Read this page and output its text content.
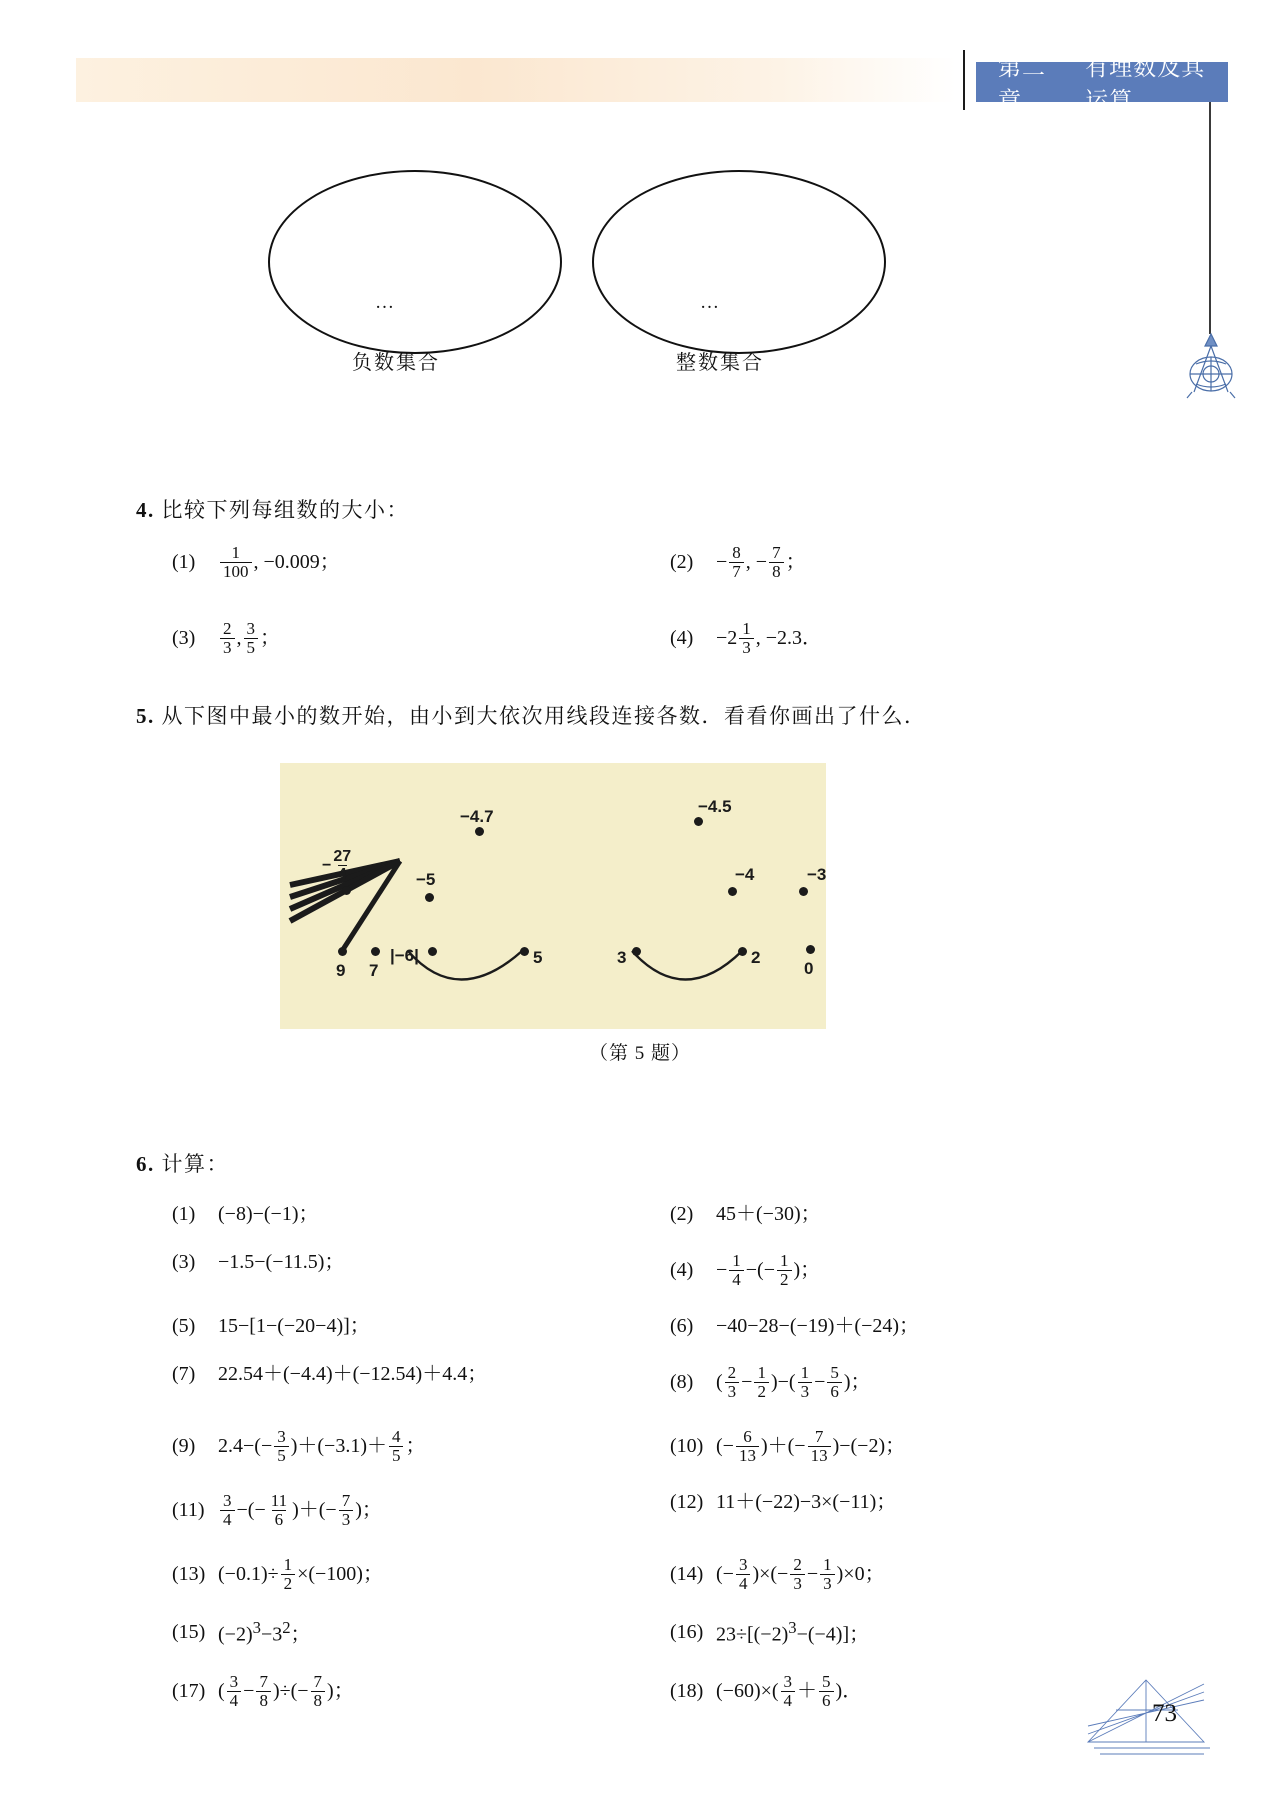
第二章
有理数及其运算
…	…
负数集合	整数集合
4. 比较下列每组数的大小：
(1)	$\frac{1}{100}$ , −0.009；	(2)	− $\frac{8}{7}$ , − $\frac{7}{8}$ ；
(3)	$\frac{2}{3}$ , $\frac{3}{5}$ ；	(4)	$-2 \frac{1}{3}$ , −2.3．
5. 从下图中最小的数开始，由小到大依次用线段连接各数．看看你画出了什么．
− $\frac{27}{4}$
−4.7
−4.5
−5	−4	−3
9 7
|−6|	5	3	2
0
（第 5 题）
6. 计算：
(1)	(−8)−(−1)；	(2)	45＋(−30)；
(3)	−1.5−(−11.5)；	(4)	− $\frac{1}{4}$ −(− $\frac{1}{2}$ )；
(5)	15−[1−(−20−4)]；	(6)	−40−28−(−19)＋(−24)；
(7)	22.54＋(−4.4)＋(−12.54)＋4.4；	(8)	( $\frac{2}{3} - \frac{1}{2}$ )−( $\frac{1}{3} - \frac{5}{6}$ )；
(9)	$2.4-(- \frac{3}{5} )+(-3.1)+ \frac{4}{5}$ ；	(10) (− $\frac{6}{13}$ )＋(− $\frac{7}{13} )-(-2)$；
$(11) \frac{3}{4}$ −(− $\frac{11}{6}$ )＋(− $\frac{7}{3}$ )；	(12) 11＋(−22)−3×(−11)；
(13) $(-0.1)\div \frac{1}{2} \times(-100)$；	(14) (− $\frac{3}{4}$ )×(− $\frac{2}{3} - \frac{1}{3} )\times 0$；
(15) $(-2)^3-3^2$；	(16) $23\div[(-2)^3-(-4)]$；
(17) ( $\frac{3}{4} - \frac{7}{8}$ )÷(− $\frac{7}{8}$ )；	(18) $(-60)\times( \frac{3}{4} + \frac{5}{6}$ )．
73
